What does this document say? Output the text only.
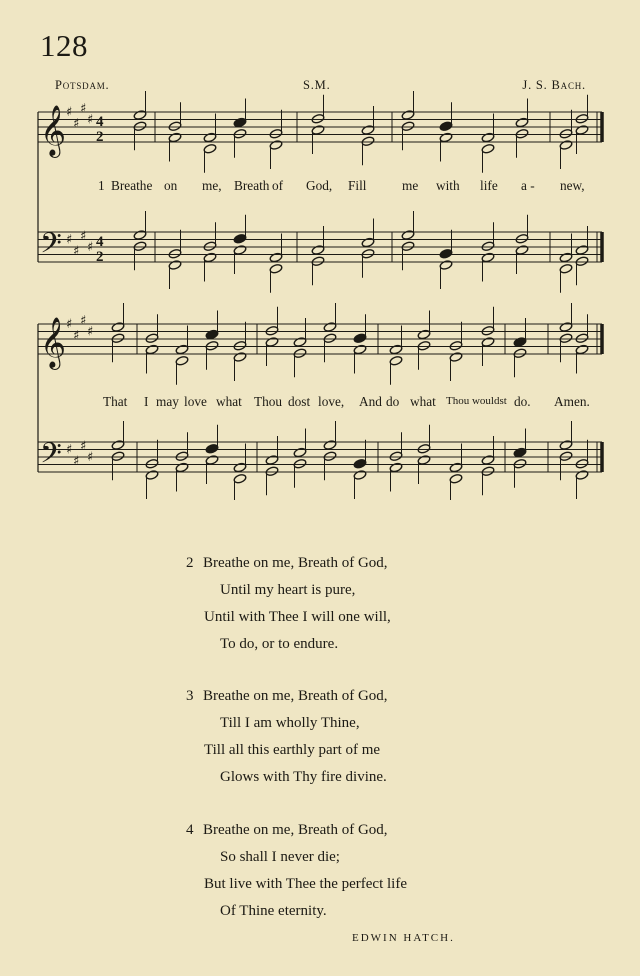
128
Potsdam.	S.M.	J. S. Bach.
𝄞
𝄢
♯
♯
♯
♯
♯
♯
♯
♯
4
2
4
2
𝄞
𝄢
♯
♯
♯
♯
♯
♯
♯
♯
1 Breathe on me, Breath of God, Fill	me with life a - new,
That I may love what Thou dost love, And do what Thou wouldst do. Amen.
2 Breathe on me, Breath of God,
Until my heart is pure,
Until with Thee I will one will,
To do, or to endure.
3 Breathe on me, Breath of God,
Till I am wholly Thine,
Till all this earthly part of me
Glows with Thy fire divine.
4 Breathe on me, Breath of God,
So shall I never die;
But live with Thee the perfect life
Of Thine eternity.
EDWIN HATCH.
